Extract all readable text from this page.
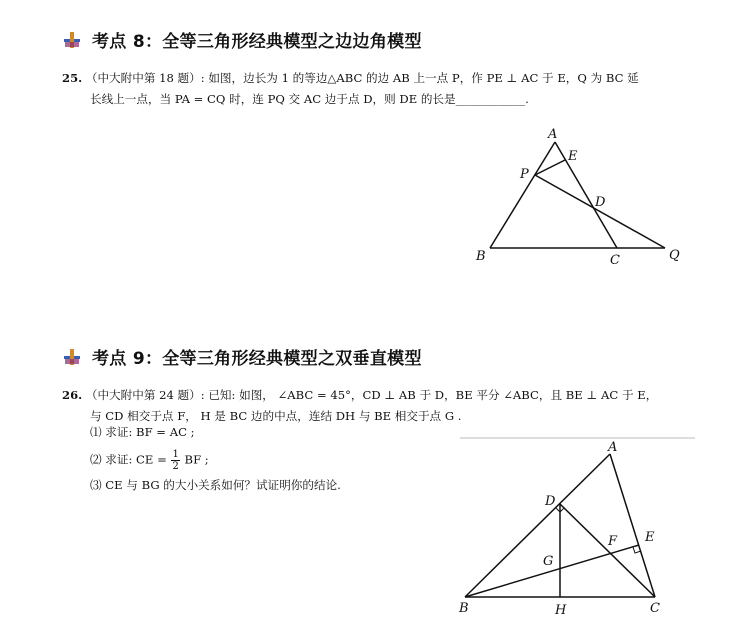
考点 8：全等三角形经典模型之边边角模型
25. （中大附中第 18 题）: 如图，边长为 1 的等边△ABC 的边 AB 上一点 P，作 PE ⊥ AC 于 E，Q 为 BC 延
长线上一点，当 PA = CQ 时，连 PQ 交 AC 边于点 D，则 DE 的长是____________.
A
E
P
D
B	C	Q
考点 9：全等三角形经典模型之双垂直模型
26. （中大附中第 24 题）: 已知: 如图， ∠ABC = 45°，CD ⊥ AB 于 D，BE 平分 ∠ABC，且 BE ⊥ AC 于 E，
与 CD 相交于点 F， H 是 BC 边的中点，连结 DH 与 BE 相交于点 G .
⑴ 求证: BF = AC ;
⑵ 求证: CE = $\frac{1}{2}$ BF ;
⑶ CE 与 BG 的大小关系如何？试证明你的结论.
A
D
E
F
G
B	H	C
